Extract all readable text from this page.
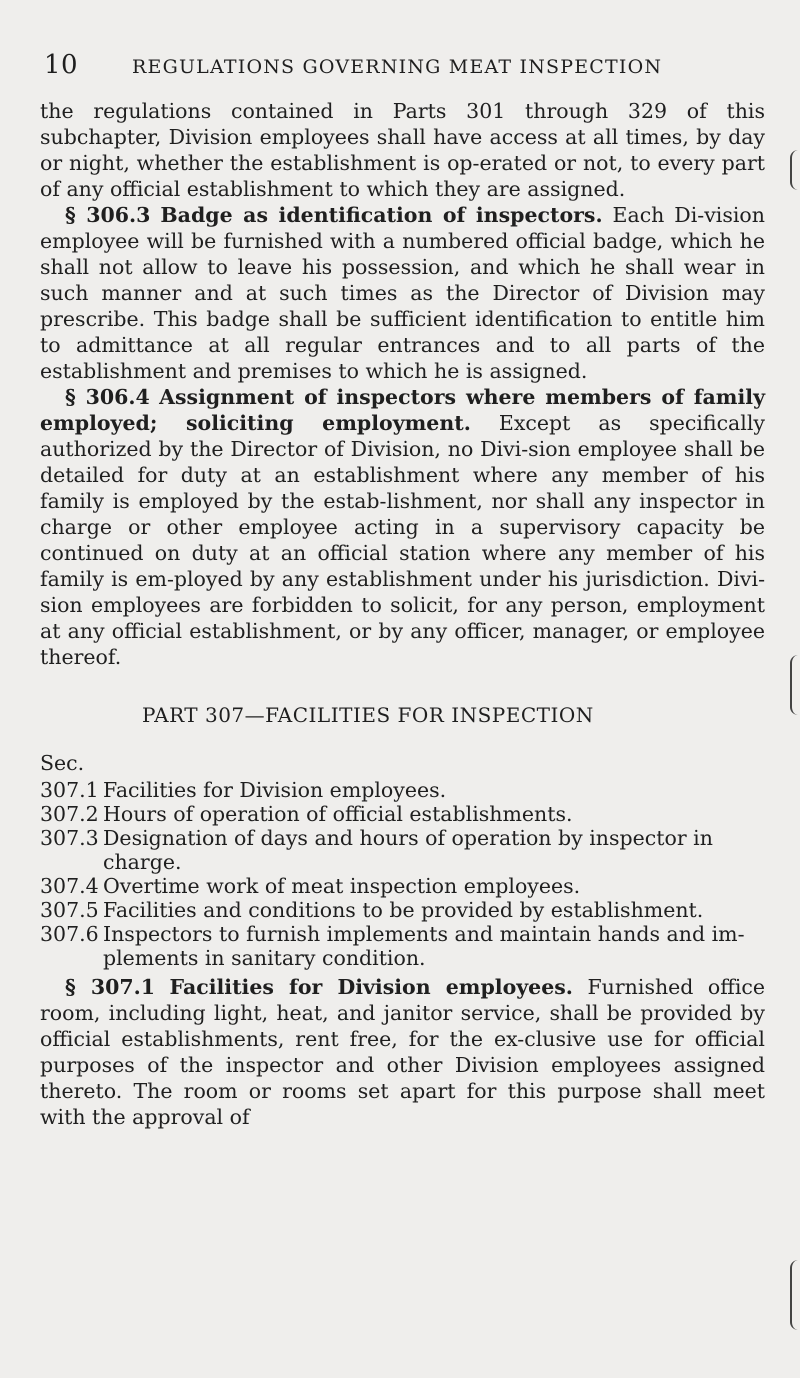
10	REGULATIONS GOVERNING MEAT INSPECTION

the regulations contained in Parts 301 through 329 of this subchapter, Division employees shall have access at all times, by day or night, whether the establishment is op-erated or not, to every part of any official establishment to which they are assigned.

§ 306.3 Badge as identification of inspectors. Each Di-vision employee will be furnished with a numbered official badge, which he shall not allow to leave his possession, and which he shall wear in such manner and at such times as the Director of Division may prescribe. This badge shall be sufficient identification to entitle him to admittance at all regular entrances and to all parts of the establishment and premises to which he is assigned.

§ 306.4 Assignment of inspectors where members of family employed; soliciting employment. Except as specifically authorized by the Director of Division, no Divi-sion employee shall be detailed for duty at an establishment where any member of his family is employed by the estab-lishment, nor shall any inspector in charge or other employee acting in a supervisory capacity be continued on duty at an official station where any member of his family is em-ployed by any establishment under his jurisdiction. Divi-sion employees are forbidden to solicit, for any person, employment at any official establishment, or by any officer, manager, or employee thereof.

PART 307—FACILITIES FOR INSPECTION
Sec.
307.1 Facilities for Division employees.
307.2 Hours of operation of official establishments.
307.3 Designation of days and hours of operation by inspector in charge.
307.4 Overtime work of meat inspection employees.
307.5 Facilities and conditions to be provided by establishment.
307.6 Inspectors to furnish implements and maintain hands and im-plements in sanitary condition.

§ 307.1 Facilities for Division employees. Furnished office room, including light, heat, and janitor service, shall be provided by official establishments, rent free, for the ex-clusive use for official purposes of the inspector and other Division employees assigned thereto. The room or rooms set apart for this purpose shall meet with the approval of
